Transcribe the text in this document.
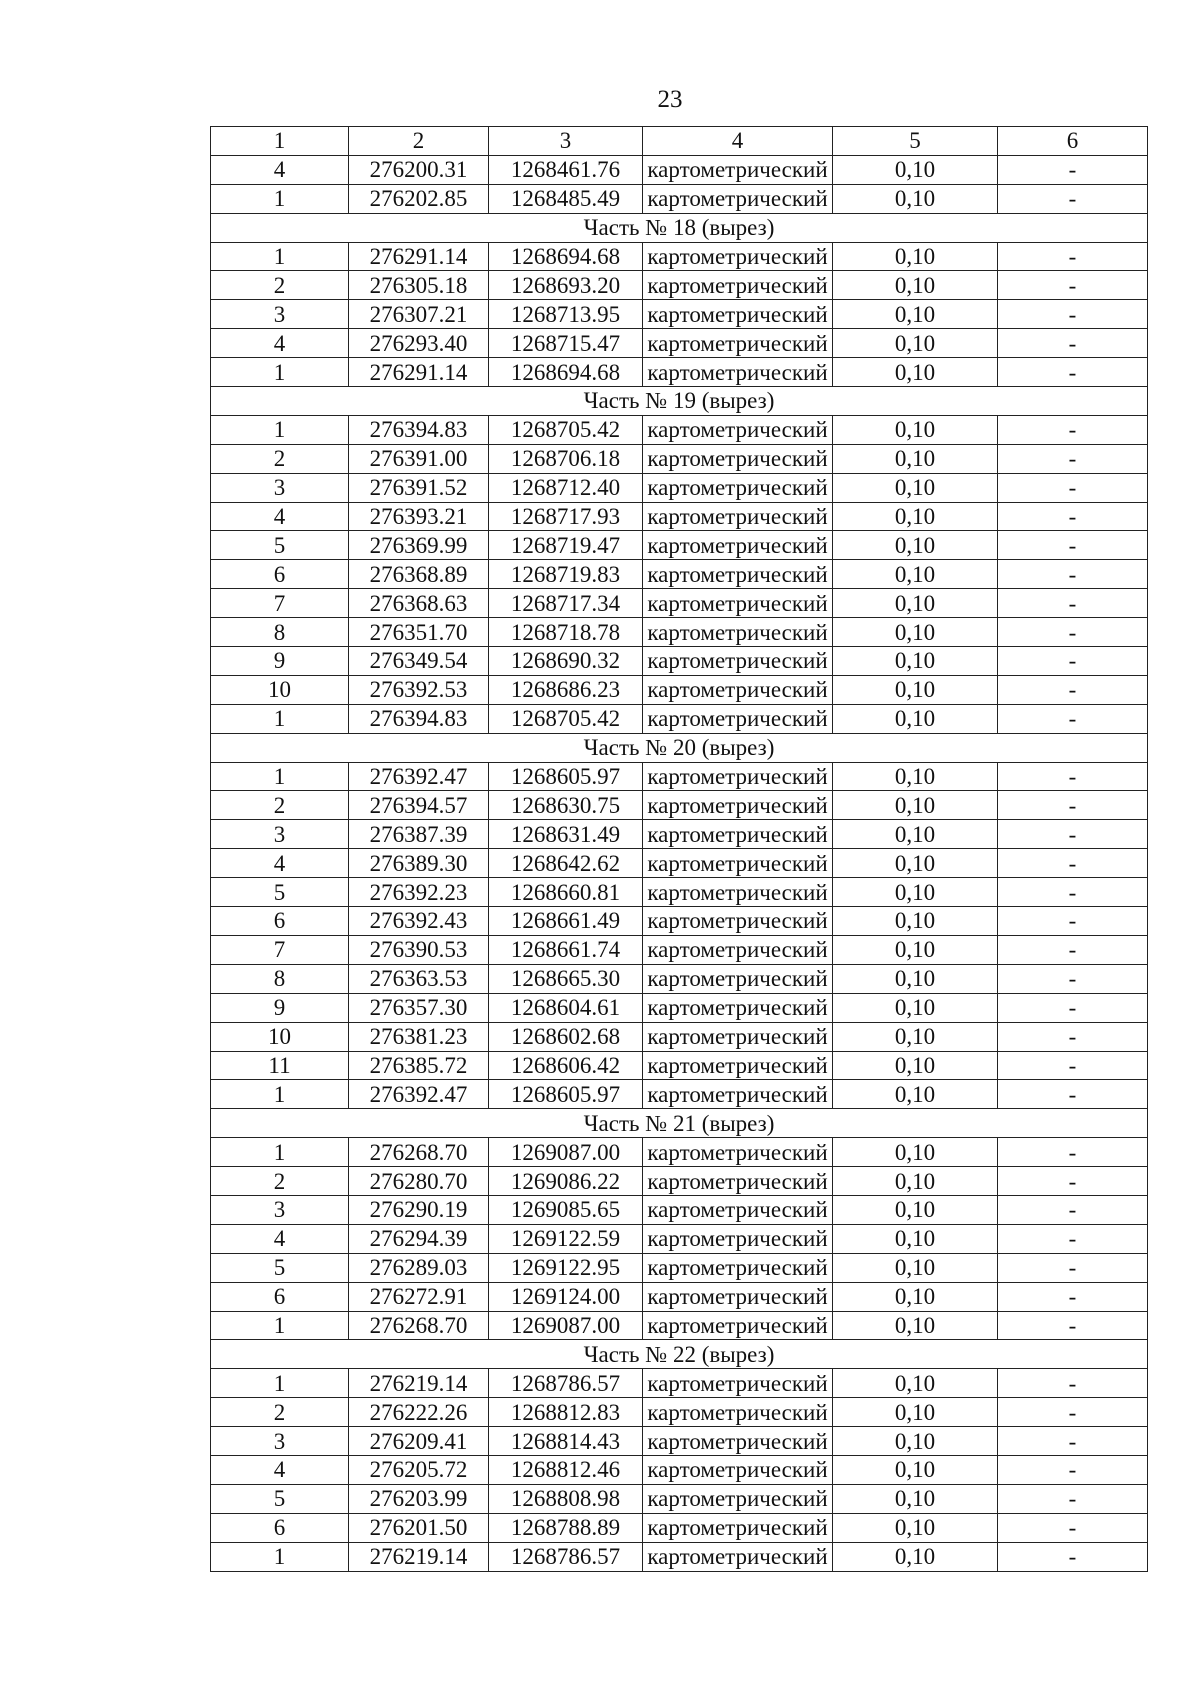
23
1	2	3	4	5	6
4	276200.31	1268461.76	картометрический	0,10	-
1	276202.85	1268485.49	картометрический	0,10	-
Часть № 18 (вырез)					
1	276291.14	1268694.68	картометрический	0,10	-
2	276305.18	1268693.20	картометрический	0,10	-
3	276307.21	1268713.95	картометрический	0,10	-
4	276293.40	1268715.47	картометрический	0,10	-
1	276291.14	1268694.68	картометрический	0,10	-
Часть № 19 (вырез)					
1	276394.83	1268705.42	картометрический	0,10	-
2	276391.00	1268706.18	картометрический	0,10	-
3	276391.52	1268712.40	картометрический	0,10	-
4	276393.21	1268717.93	картометрический	0,10	-
5	276369.99	1268719.47	картометрический	0,10	-
6	276368.89	1268719.83	картометрический	0,10	-
7	276368.63	1268717.34	картометрический	0,10	-
8	276351.70	1268718.78	картометрический	0,10	-
9	276349.54	1268690.32	картометрический	0,10	-
10	276392.53	1268686.23	картометрический	0,10	-
1	276394.83	1268705.42	картометрический	0,10	-
Часть № 20 (вырез)					
1	276392.47	1268605.97	картометрический	0,10	-
2	276394.57	1268630.75	картометрический	0,10	-
3	276387.39	1268631.49	картометрический	0,10	-
4	276389.30	1268642.62	картометрический	0,10	-
5	276392.23	1268660.81	картометрический	0,10	-
6	276392.43	1268661.49	картометрический	0,10	-
7	276390.53	1268661.74	картометрический	0,10	-
8	276363.53	1268665.30	картометрический	0,10	-
9	276357.30	1268604.61	картометрический	0,10	-
10	276381.23	1268602.68	картометрический	0,10	-
11	276385.72	1268606.42	картометрический	0,10	-
1	276392.47	1268605.97	картометрический	0,10	-
Часть № 21 (вырез)					
1	276268.70	1269087.00	картометрический	0,10	-
2	276280.70	1269086.22	картометрический	0,10	-
3	276290.19	1269085.65	картометрический	0,10	-
4	276294.39	1269122.59	картометрический	0,10	-
5	276289.03	1269122.95	картометрический	0,10	-
6	276272.91	1269124.00	картометрический	0,10	-
1	276268.70	1269087.00	картометрический	0,10	-
Часть № 22 (вырез)					
1	276219.14	1268786.57	картометрический	0,10	-
2	276222.26	1268812.83	картометрический	0,10	-
3	276209.41	1268814.43	картометрический	0,10	-
4	276205.72	1268812.46	картометрический	0,10	-
5	276203.99	1268808.98	картометрический	0,10	-
6	276201.50	1268788.89	картометрический	0,10	-
1	276219.14	1268786.57	картометрический	0,10	-
